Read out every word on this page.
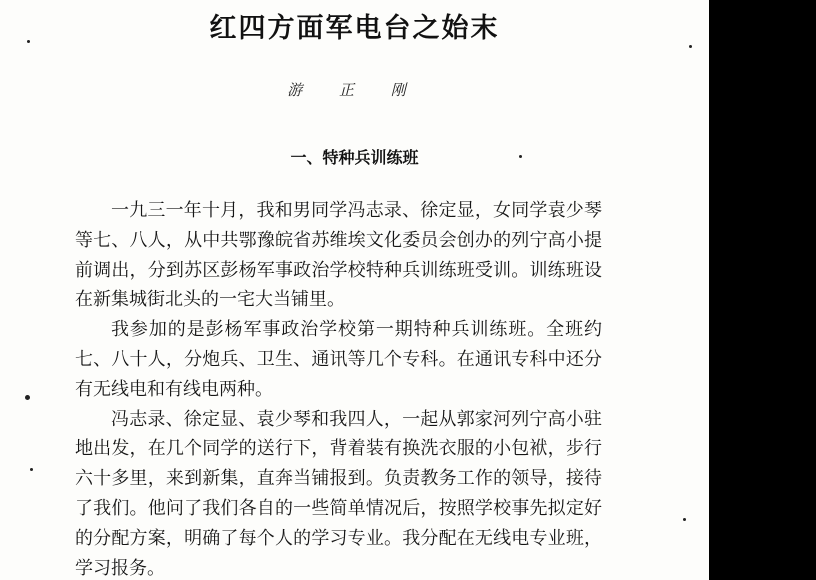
红四方面军电台之始末
游 正 刚
一、特种兵训练班

一九三一年十月，我和男同学冯志录、徐定显，女同学袁少琴等七、八人，从中共鄂豫皖省苏维埃文化委员会创办的列宁高小提前调出，分到苏区彭杨军事政治学校特种兵训练班受训。训练班设在新集城街北头的一宅大当铺里。

我参加的是彭杨军事政治学校第一期特种兵训练班。全班约七、八十人，分炮兵、卫生、通讯等几个专科。在通讯专科中还分有无线电和有线电两种。

冯志录、徐定显、袁少琴和我四人，一起从郭家河列宁高小驻地出发，在几个同学的送行下，背着装有换洗衣服的小包袱，步行六十多里，来到新集，直奔当铺报到。负责教务工作的领导，接待了我们。他问了我们各自的一些简单情况后，按照学校事先拟定好的分配方案，明确了每个人的学习专业。我分配在无线电专业班，学习报务。
